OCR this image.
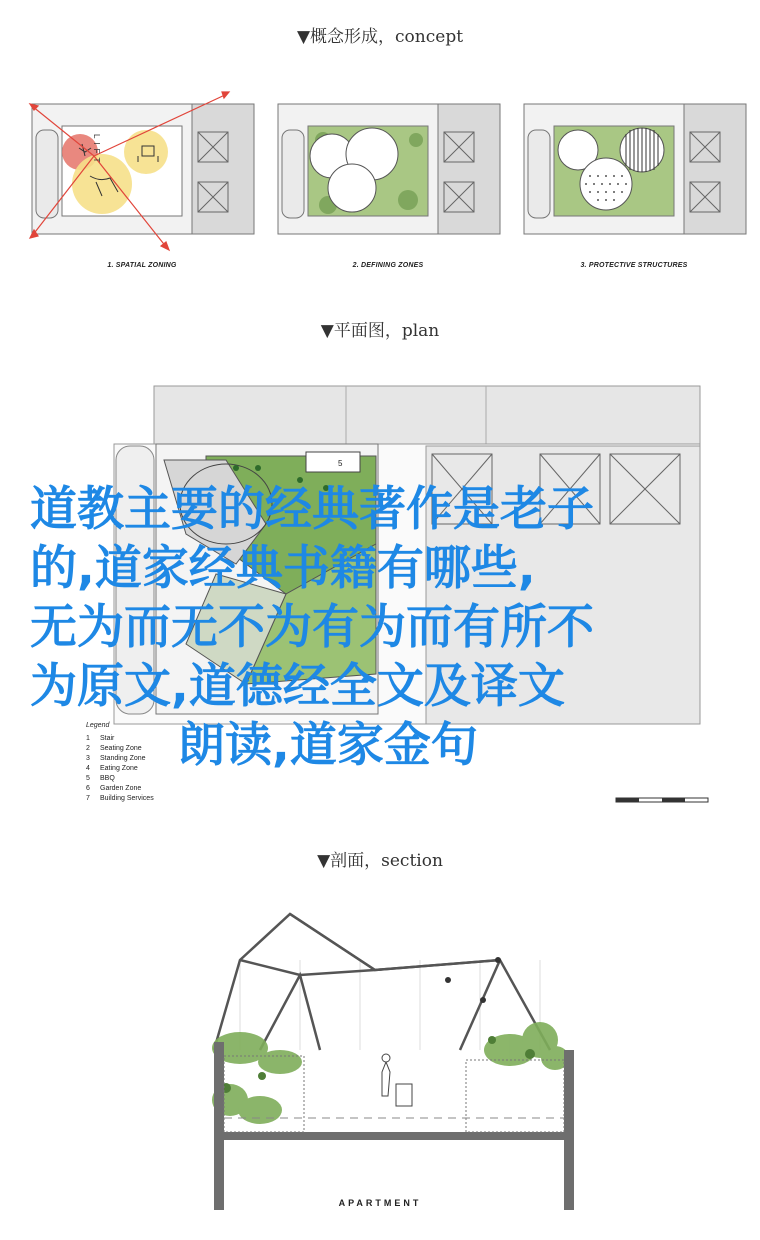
▼概念形成，concept
1. SPATIAL ZONING	2. DEFINING ZONES	3. PROTECTIVE STRUCTURES
▼平面图，plan
LIFT
5
Legend
1	Stair
2	Seating Zone
3	Standing Zone
4	Eating Zone
5	BBQ
6	Garden Zone
7	Building Services
道教主要的经典著作是老子
的,道家经典书籍有哪些,
无为而无不为有为而有所不
为原文,道德经全文及译文
朗读,道家金句
▼剖面，section
APARTMENT
